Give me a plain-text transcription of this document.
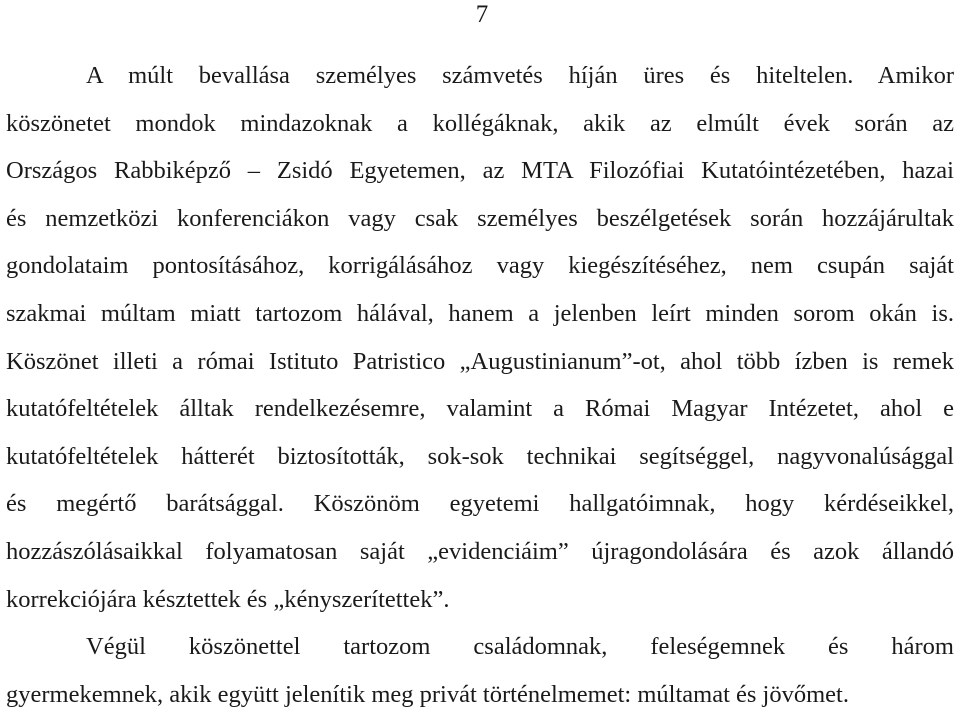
7
A múlt bevallása személyes számvetés híján üres és hiteltelen. Amikor
köszönetet mondok mindazoknak a kollégáknak, akik az elmúlt évek során az
Országos Rabbiképző – Zsidó Egyetemen, az MTA Filozófiai Kutatóintézetében, hazai
és nemzetközi konferenciákon vagy csak személyes beszélgetések során hozzájárultak
gondolataim pontosításához, korrigálásához vagy kiegészítéséhez, nem csupán saját
szakmai múltam miatt tartozom hálával, hanem a jelenben leírt minden sorom okán is.
Köszönet illeti a római Istituto Patristico „Augustinianum”-ot, ahol több ízben is remek
kutatófeltételek álltak rendelkezésemre, valamint a Római Magyar Intézetet, ahol e
kutatófeltételek hátterét biztosították, sok-sok technikai segítséggel, nagyvonalúsággal
és megértő barátsággal. Köszönöm egyetemi hallgatóimnak, hogy kérdéseikkel,
hozzászólásaikkal folyamatosan saját „evidenciáim” újragondolására és azok állandó
korrekciójára késztettek és „kényszerítettek”.
Végül köszönettel tartozom családomnak, feleségemnek és három
gyermekemnek, akik együtt jelenítik meg privát történelmemet: múltamat és jövőmet.
